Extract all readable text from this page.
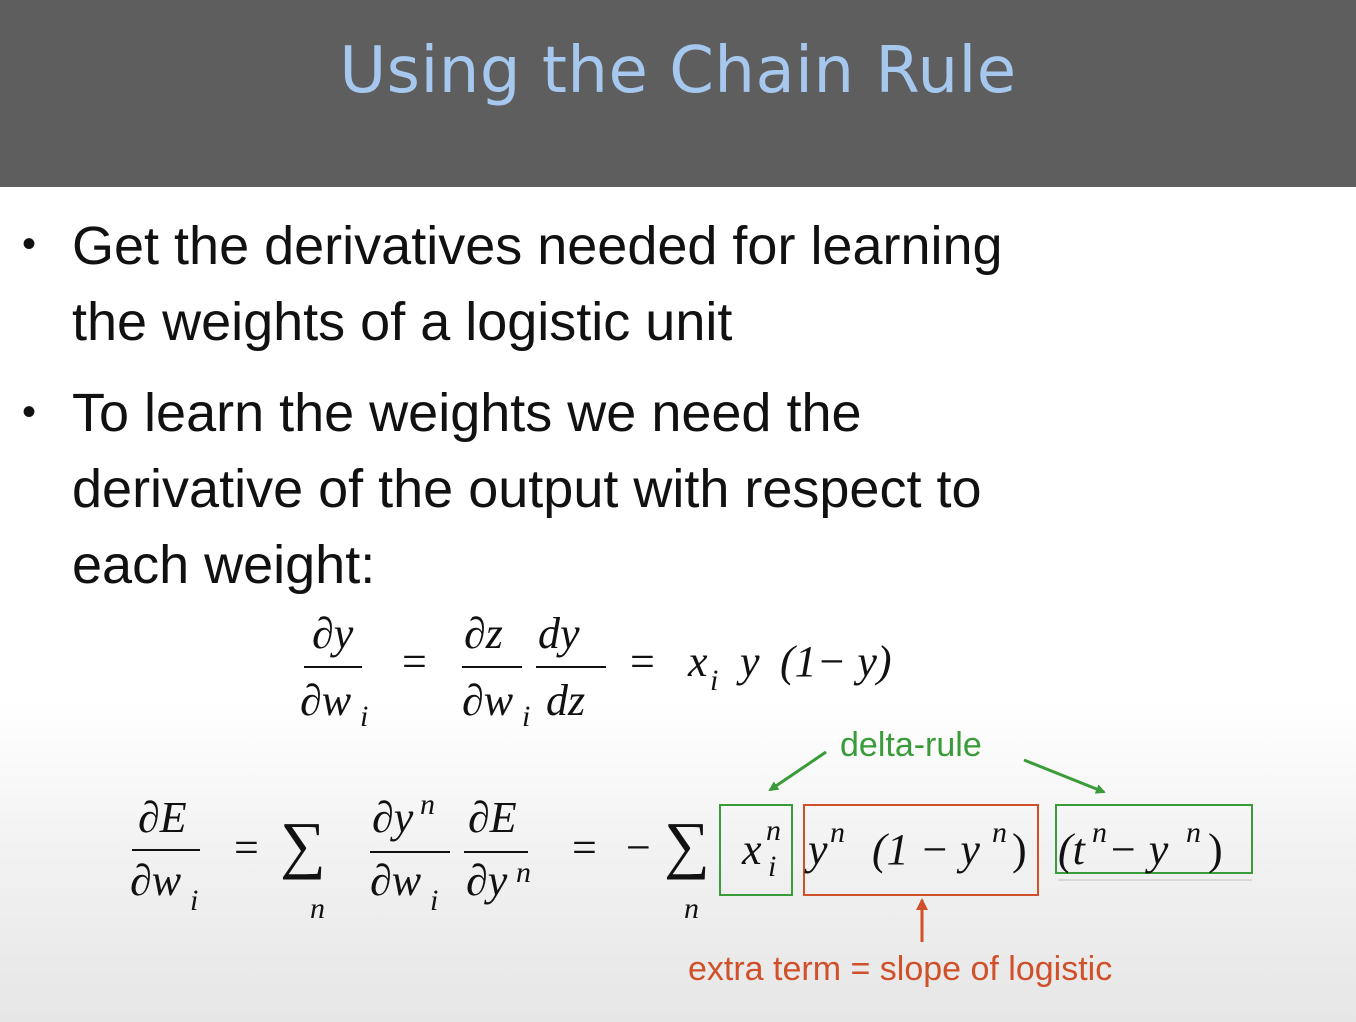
Using the Chain Rule
• Get the derivatives needed for learning
the weights of a logistic unit
• To learn the weights we need the
derivative of the output with respect to
each weight:
∂y
∂w i
=
∂z
∂w i
dy
dz
= x i y (1− y)
∂E
∂w i
= ∑
n
∂y n
∂w i
∂E
∂y n
= − ∑
n
x n
i y n (1 − y n ) (t n − y n )
delta-rule
extra term = slope of logistic
